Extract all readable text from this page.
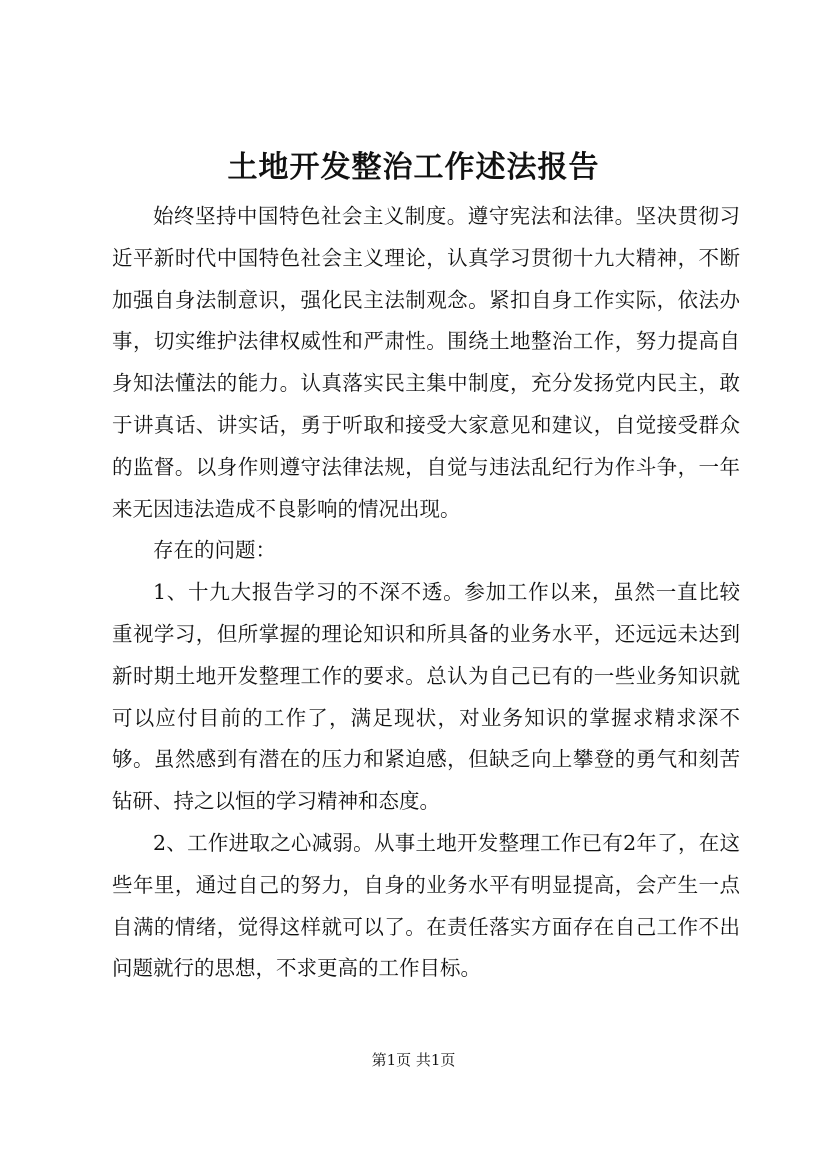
土地开发整治工作述法报告

始终坚持中国特色社会主义制度。遵守宪法和法律。坚决贯彻习近平新时代中国特色社会主义理论，认真学习贯彻十九大精神，不断加强自身法制意识，强化民主法制观念。紧扣自身工作实际，依法办事，切实维护法律权威性和严肃性。围绕土地整治工作，努力提高自身知法懂法的能力。认真落实民主集中制度，充分发扬党内民主，敢于讲真话、讲实话，勇于听取和接受大家意见和建议，自觉接受群众的监督。以身作则遵守法律法规，自觉与违法乱纪行为作斗争，一年来无因违法造成不良影响的情况出现。

存在的问题：

1、十九大报告学习的不深不透。参加工作以来，虽然一直比较重视学习，但所掌握的理论知识和所具备的业务水平，还远远未达到新时期土地开发整理工作的要求。总认为自己已有的一些业务知识就可以应付目前的工作了，满足现状，对业务知识的掌握求精求深不够。虽然感到有潜在的压力和紧迫感，但缺乏向上攀登的勇气和刻苦钻研、持之以恒的学习精神和态度。

2、工作进取之心减弱。从事土地开发整理工作已有2年了，在这些年里，通过自己的努力，自身的业务水平有明显提高，会产生一点自满的情绪，觉得这样就可以了。在责任落实方面存在自己工作不出问题就行的思想，不求更高的工作目标。

第1页 共1页
